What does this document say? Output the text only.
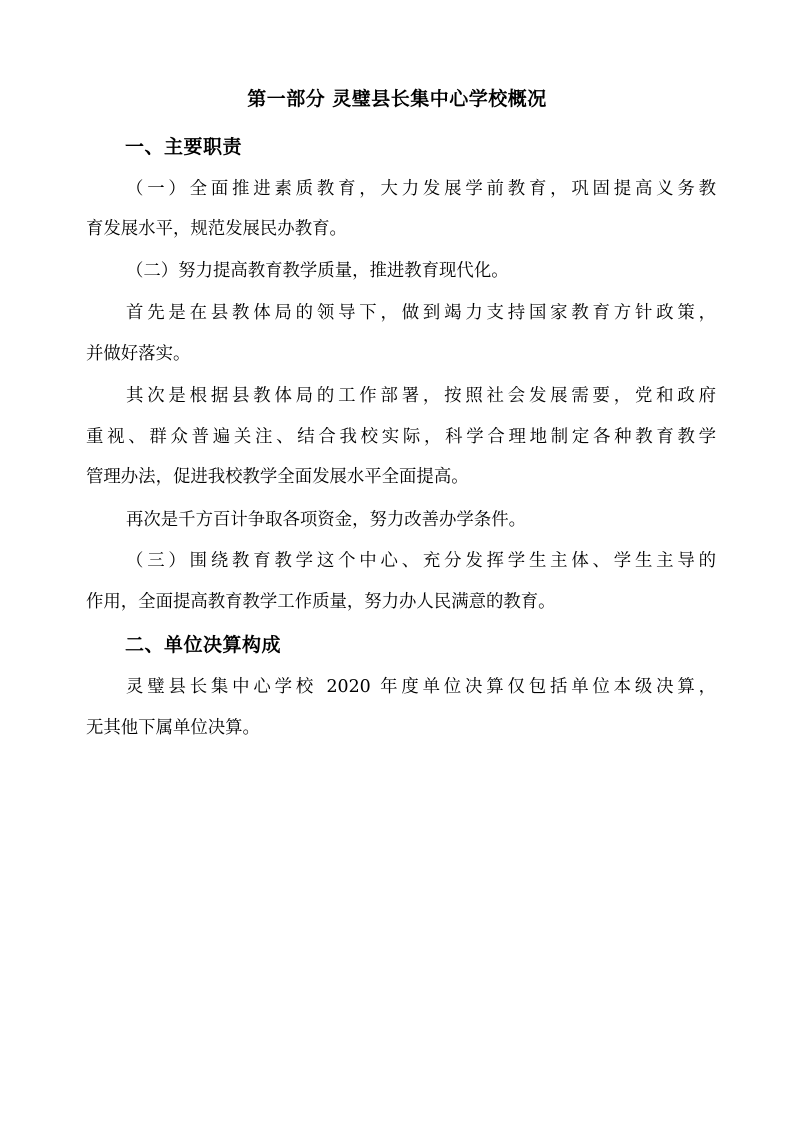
第一部分 灵璧县长集中心学校概况
一、主要职责
（一）全面推进素质教育，大力发展学前教育，巩固提高义务教
育发展水平，规范发展民办教育。
（二）努力提高教育教学质量，推进教育现代化。
首先是在县教体局的领导下，做到竭力支持国家教育方针政策，
并做好落实。
其次是根据县教体局的工作部署，按照社会发展需要，党和政府
重视、群众普遍关注、结合我校实际，科学合理地制定各种教育教学
管理办法，促进我校教学全面发展水平全面提高。
再次是千方百计争取各项资金，努力改善办学条件。
（三）围绕教育教学这个中心、充分发挥学生主体、学生主导的
作用，全面提高教育教学工作质量，努力办人民满意的教育。
二、单位决算构成
灵璧县长集中心学校 2020 年度单位决算仅包括单位本级决算，
无其他下属单位决算。
